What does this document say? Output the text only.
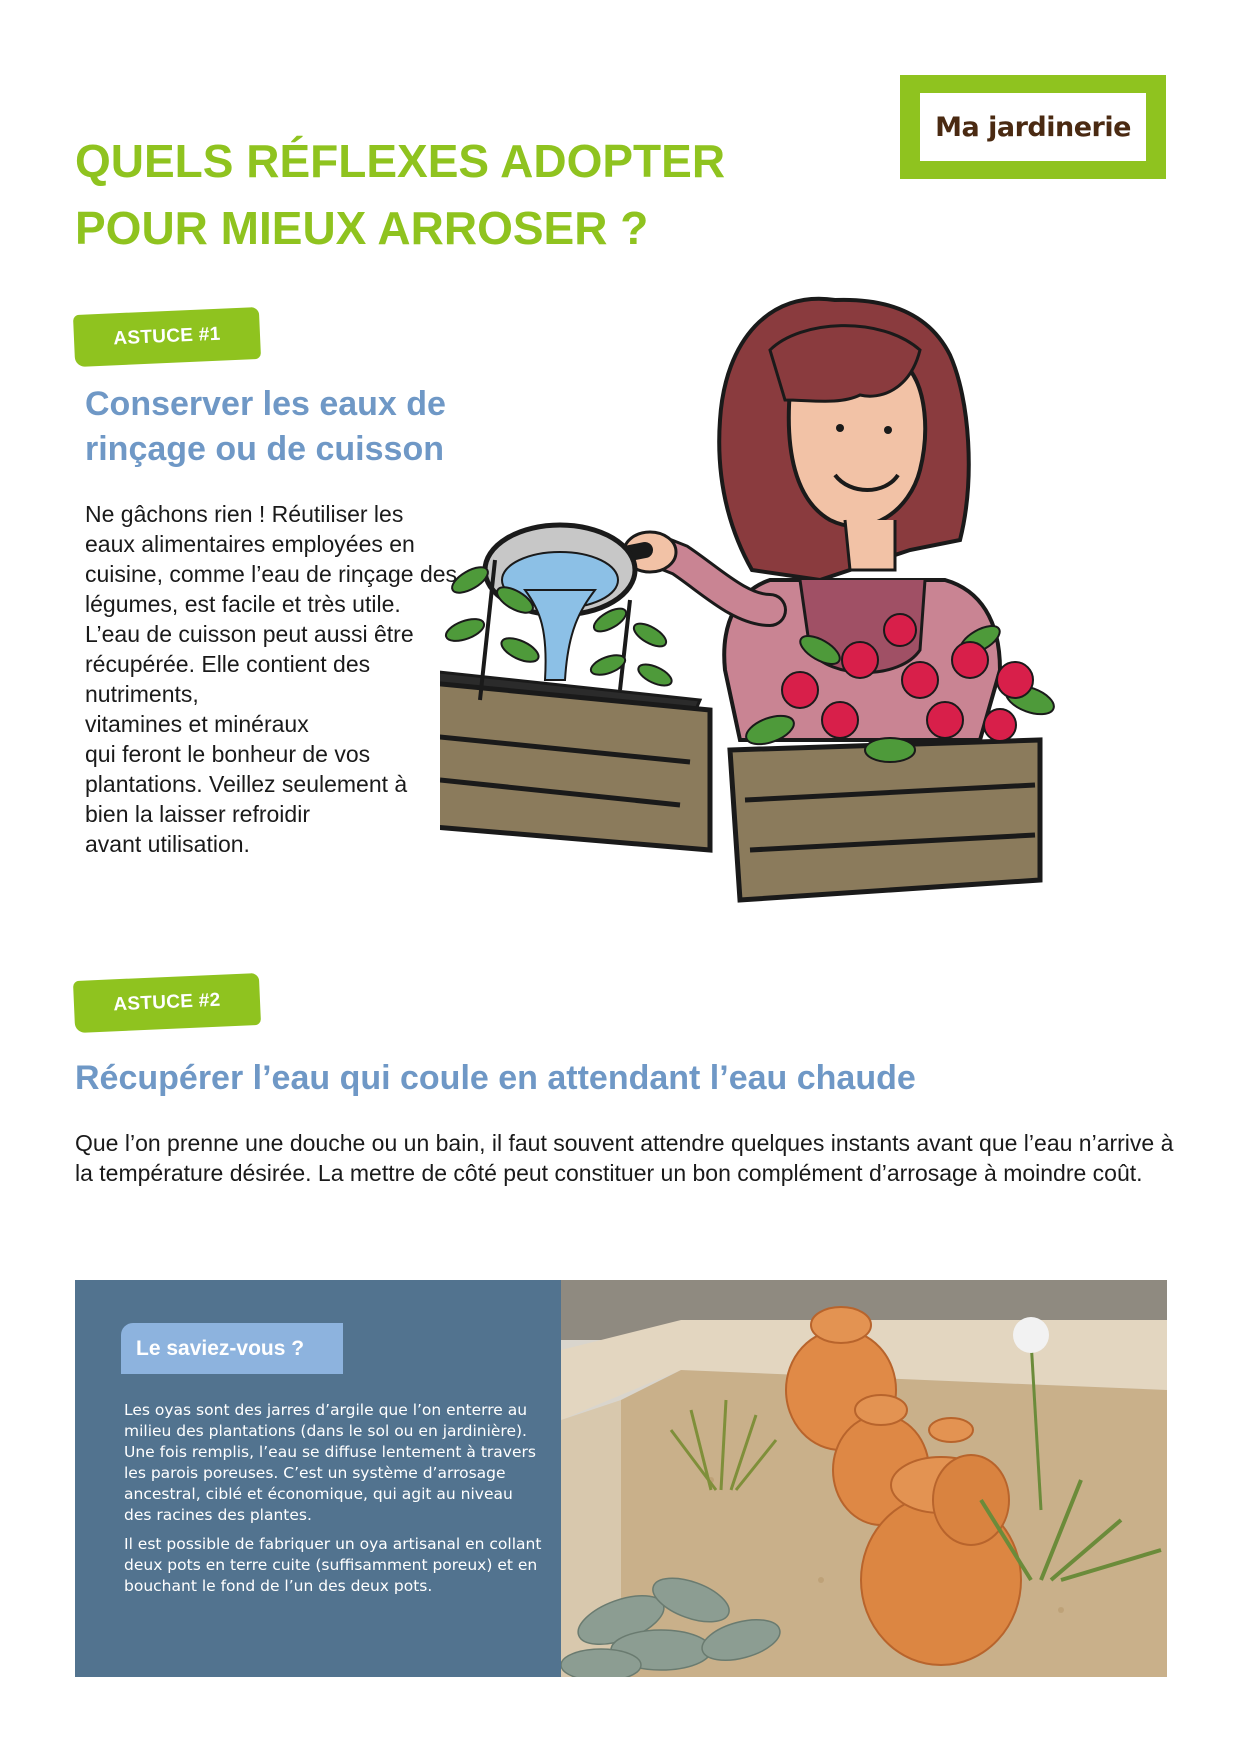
Ma jardinerie
QUELS RÉFLEXES ADOPTER POUR MIEUX ARROSER ?
ASTUCE #1
Conserver les eaux de rinçage ou de cuisson
Ne gâchons rien ! Réutiliser les
eaux alimentaires employées en
cuisine, comme l’eau de rinçage des
légumes, est facile et très utile.
L’eau de cuisson peut aussi être
récupérée. Elle contient des
nutriments,
vitamines et minéraux
qui feront le bonheur de vos
plantations. Veillez seulement à
bien la laisser refroidir
avant utilisation.
ASTUCE #2
Récupérer l’eau qui coule en attendant l’eau chaude

Que l’on prenne une douche ou un bain, il faut souvent attendre quelques instants avant que l’eau n’arrive à la température désirée. La mettre de côté peut constituer un bon complément d’arrosage à moindre coût.

Le saviez-vous ?

Les oyas sont des jarres d’argile que l’on enterre au milieu des plantations (dans le sol ou en jardinière). Une fois remplis, l’eau se diffuse lentement à travers les parois poreuses. C’est un système d’arrosage ancestral, ciblé et économique, qui agit au niveau des racines des plantes.

Il est possible de fabriquer un oya artisanal en collant deux pots en terre cuite (suffisamment poreux) et en bouchant le fond de l’un des deux pots.
